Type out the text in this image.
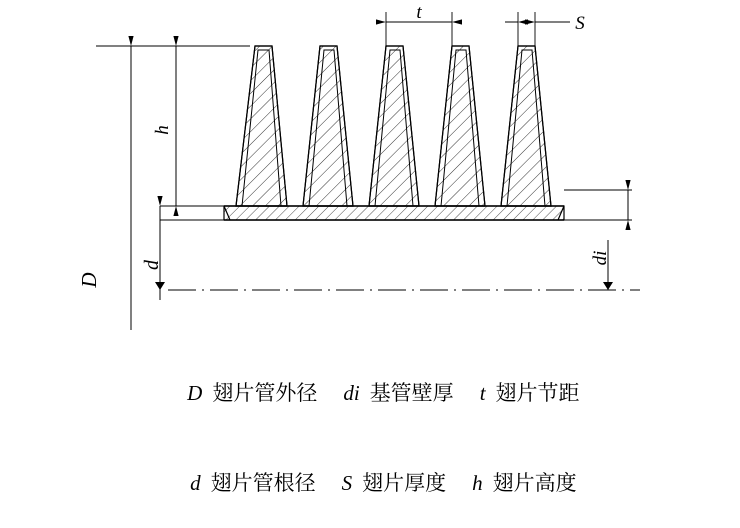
t
S
h
D
d	di

D 翅片管外径 di 基管壁厚 t 翅片节距

d 翅片管根径 S 翅片厚度 h 翅片高度
